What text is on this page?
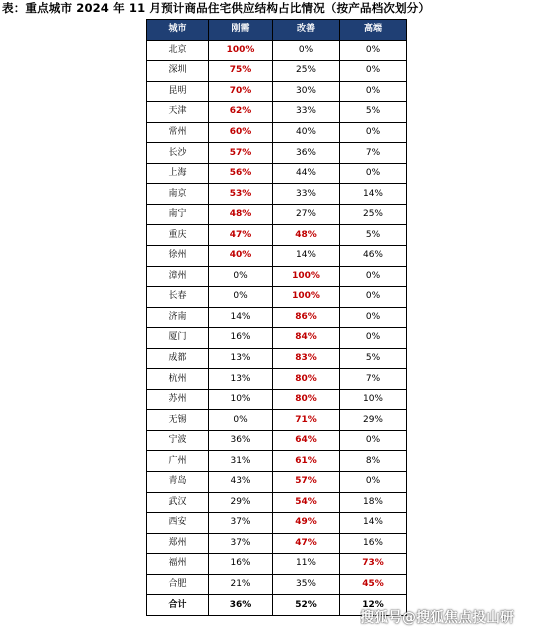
表：重点城市 2024 年 11 月预计商品住宅供应结构占比情况（按产品档次划分）
城市	刚需	改善	高端
北京	100%	0%	0%
深圳	75%	25%	0%
昆明	70%	30%	0%
天津	62%	33%	5%
常州	60%	40%	0%
长沙	57%	36%	7%
上海	56%	44%	0%
南京	53%	33%	14%
南宁	48%	27%	25%
重庆	47%	48%	5%
徐州	40%	14%	46%
漳州	0%	100%	0%
长春	0%	100%	0%
济南	14%	86%	0%
厦门	16%	84%	0%
成都	13%	83%	5%
杭州	13%	80%	7%
苏州	10%	80%	10%
无锡	0%	71%	29%
宁波	36%	64%	0%
广州	31%	61%	8%
青岛	43%	57%	0%
武汉	29%	54%	18%
西安	37%	49%	14%
郑州	37%	47%	16%
福州	16%	11%	73%
合肥	21%	35%	45%
合计	36%	52%	12%
搜狐号@搜狐焦点投山研
